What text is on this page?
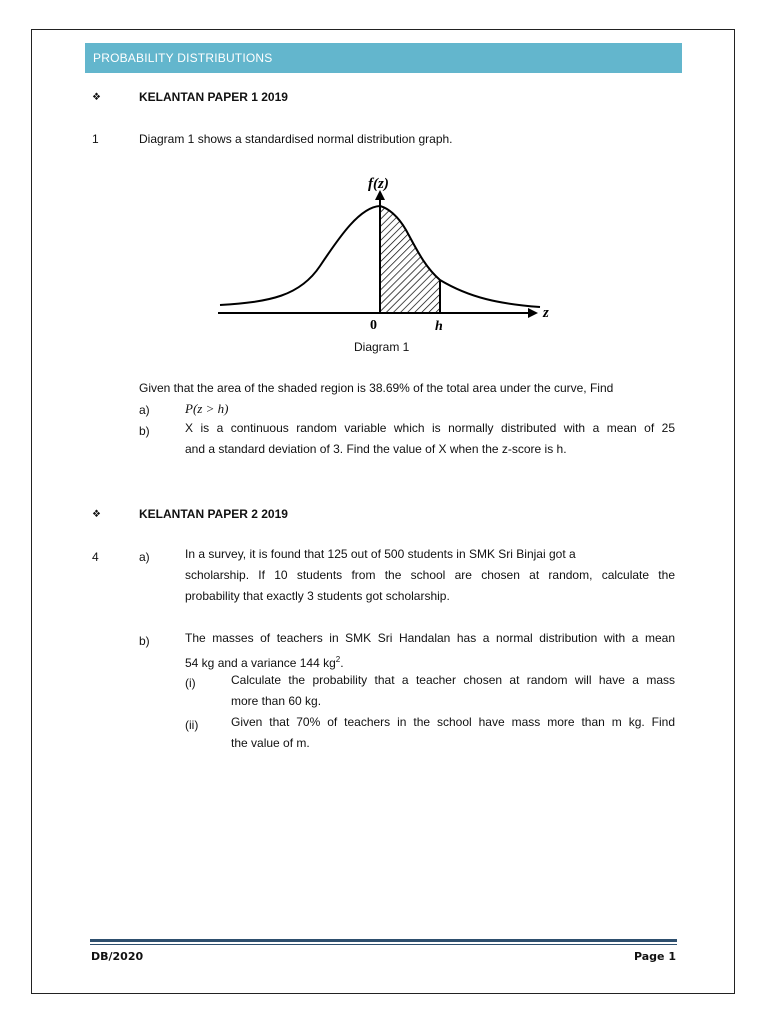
PROBABILITY DISTRIBUTIONS
❖	KELANTAN PAPER 1 2019
1	Diagram 1 shows a standardised normal distribution graph.
f(z)
z
0	h
Diagram 1
Given that the area of the shaded region is 38.69% of the total area under the curve, Find
a)	P(z > h)
b)	X is a continuous random variable which is normally distributed with a mean of 25
and a standard deviation of 3. Find the value of X when the z-score is h.
❖	KELANTAN PAPER 2 2019
4	a)	In a survey, it is found that 125 out of 500 students in SMK Sri Binjai got a
scholarship. If 10 students from the school are chosen at random, calculate the
probability that exactly 3 students got scholarship.
b)	The masses of teachers in SMK Sri Handalan has a normal distribution with a mean
54 kg and a variance 144 $kg^2$.
(i)	Calculate the probability that a teacher chosen at random will have a mass
more than 60 kg.
(ii)	Given that 70% of teachers in the school have mass more than m kg. Find
the value of m.
DB/2020	Page 1
